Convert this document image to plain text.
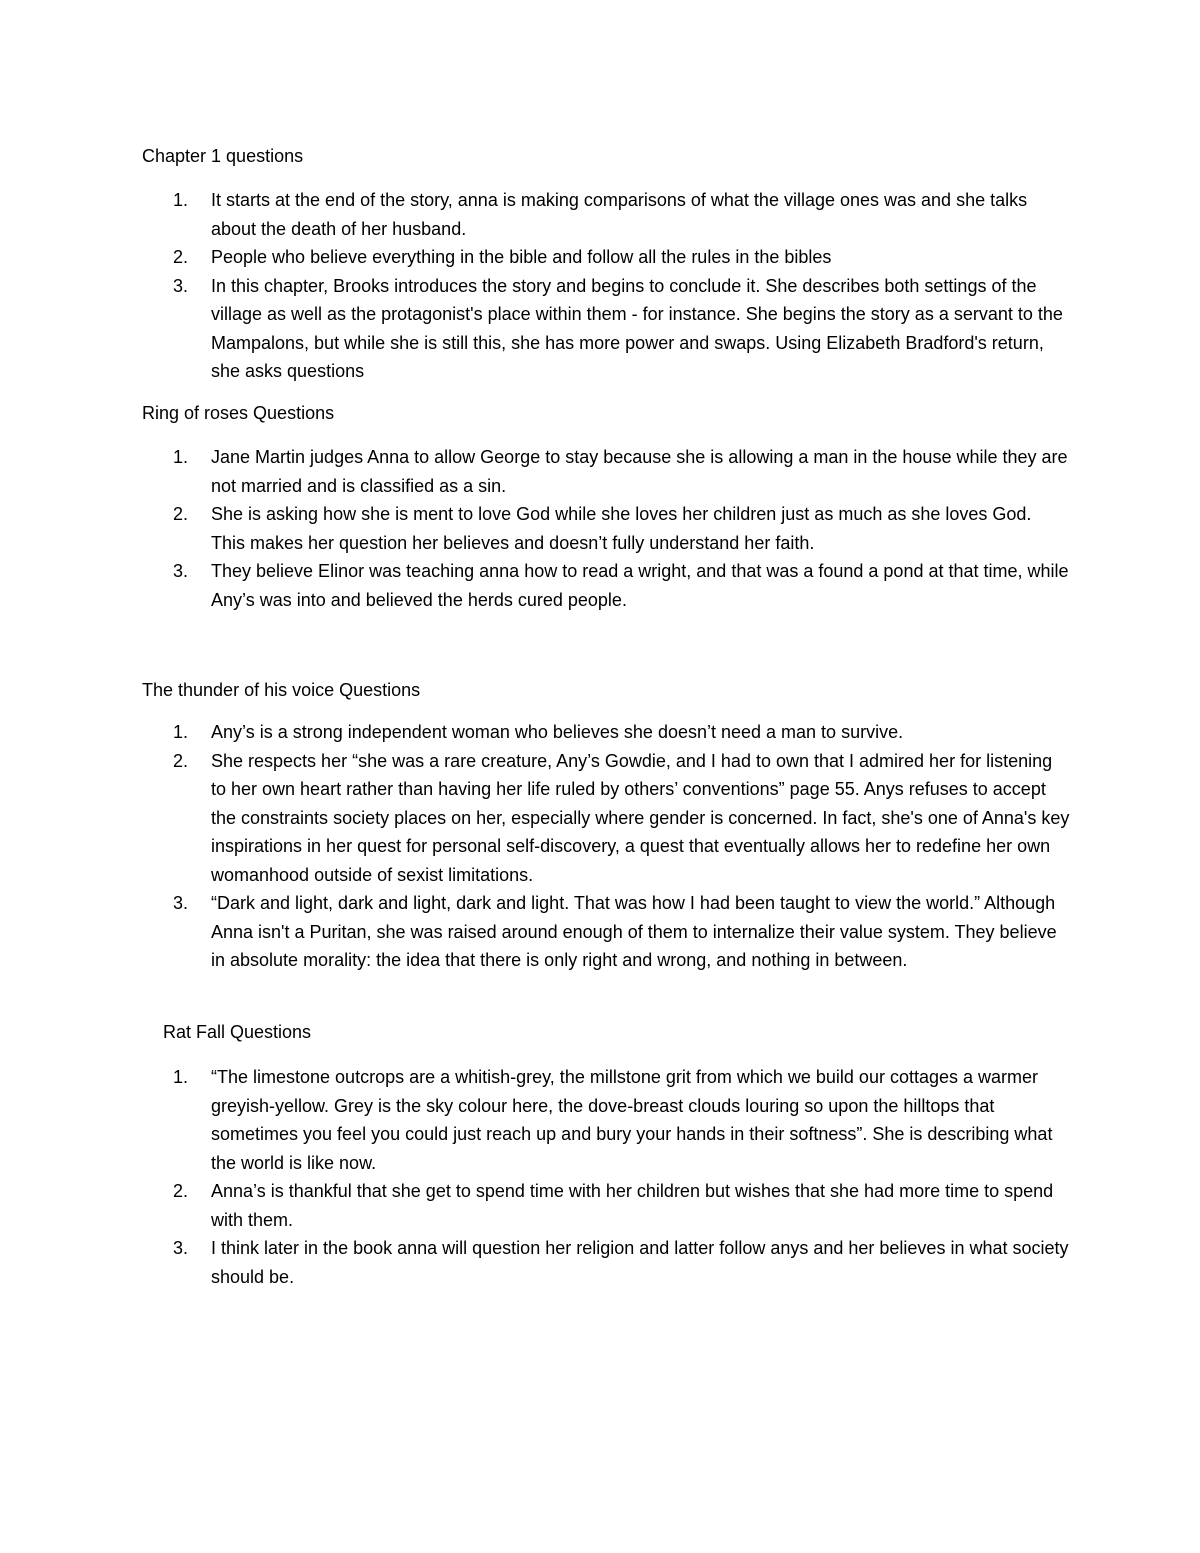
Chapter 1 questions

1. It starts at the end of the story, anna is making comparisons of what the village ones was and she talks about the death of her husband.
2. People who believe everything in the bible and follow all the rules in the bibles
3. In this chapter, Brooks introduces the story and begins to conclude it. She describes both settings of the village as well as the protagonist's place within them - for instance. She begins the story as a servant to the Mampalons, but while she is still this, she has more power and swaps. Using Elizabeth Bradford's return, she asks questions

Ring of roses Questions

1. Jane Martin judges Anna to allow George to stay because she is allowing a man in the house while they are not married and is classified as a sin.
2. She is asking how she is ment to love God while she loves her children just as much as she loves God. This makes her question her believes and doesn’t fully understand her faith.
3. They believe Elinor was teaching anna how to read a wright, and that was a found a pond at that time, while Any’s was into and believed the herds cured people.

The thunder of his voice Questions

1. Any’s is a strong independent woman who believes she doesn’t need a man to survive.
2. She respects her “she was a rare creature, Any’s Gowdie, and I had to own that I admired her for listening to her own heart rather than having her life ruled by others’ conventions” page 55. Anys refuses to accept the constraints society places on her, especially where gender is concerned. In fact, she's one of Anna's key inspirations in her quest for personal self-discovery, a quest that eventually allows her to redefine her own womanhood outside of sexist limitations.
3. “Dark and light, dark and light, dark and light. That was how I had been taught to view the world.” Although Anna isn't a Puritan, she was raised around enough of them to internalize their value system. They believe in absolute morality: the idea that there is only right and wrong, and nothing in between.

Rat Fall Questions

1. “The limestone outcrops are a whitish-grey, the millstone grit from which we build our cottages a warmer greyish-yellow. Grey is the sky colour here, the dove-breast clouds louring so upon the hilltops that sometimes you feel you could just reach up and bury your hands in their softness”. She is describing what the world is like now.
2. Anna’s is thankful that she get to spend time with her children but wishes that she had more time to spend with them.
3. I think later in the book anna will question her religion and latter follow anys and her believes in what society should be.
